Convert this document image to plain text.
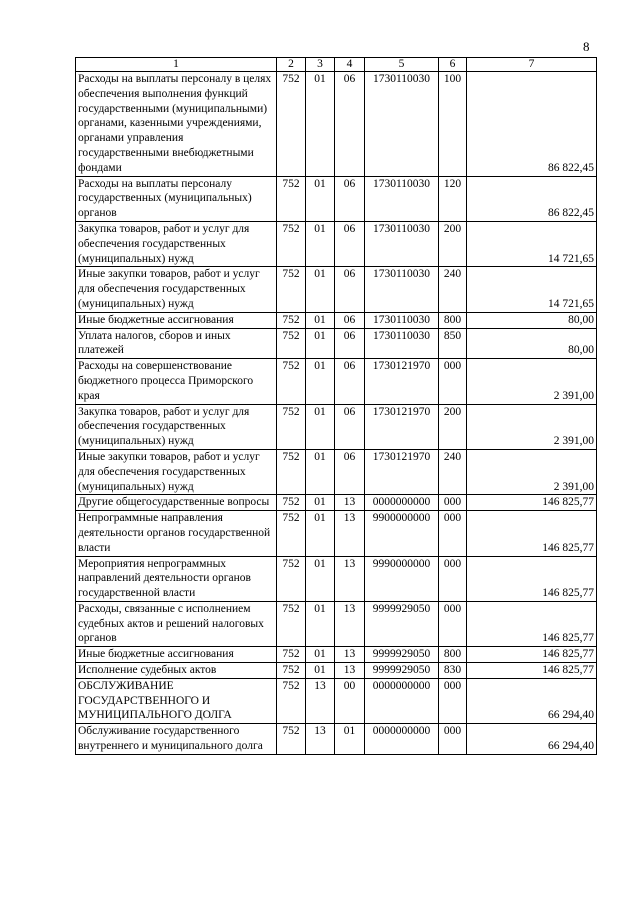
8
1	2	3	4	5	6	7
Расходы на выплаты персоналу в целях обеспечения выполнения функций государственными (муниципальными) органами, казенными учреждениями, органами управления государственными внебюджетными фондами	752	01	06	1730110030	100	86 822,45
Расходы на выплаты персоналу государственных (муниципальных) органов	752	01	06	1730110030	120	86 822,45
Закупка товаров, работ и услуг для обеспечения государственных (муниципальных) нужд	752	01	06	1730110030	200	14 721,65
Иные закупки товаров, работ и услуг для обеспечения государственных (муниципальных) нужд	752	01	06	1730110030	240	14 721,65
Иные бюджетные ассигнования	752	01	06	1730110030	800	80,00
Уплата налогов, сборов и иных платежей	752	01	06	1730110030	850	80,00
Расходы на совершенствование бюджетного процесса Приморского края	752	01	06	1730121970	000	2 391,00
Закупка товаров, работ и услуг для обеспечения государственных (муниципальных) нужд	752	01	06	1730121970	200	2 391,00
Иные закупки товаров, работ и услуг для обеспечения государственных (муниципальных) нужд	752	01	06	1730121970	240	2 391,00
Другие общегосударственные вопросы	752	01	13	0000000000	000	146 825,77
Непрограммные направления деятельности органов государственной власти	752	01	13	9900000000	000	146 825,77
Мероприятия непрограммных направлений деятельности органов государственной власти	752	01	13	9990000000	000	146 825,77
Расходы, связанные с исполнением судебных актов и решений налоговых органов	752	01	13	9999929050	000	146 825,77
Иные бюджетные ассигнования	752	01	13	9999929050	800	146 825,77
Исполнение судебных актов	752	01	13	9999929050	830	146 825,77
ОБСЛУЖИВАНИЕ ГОСУДАРСТВЕННОГО И МУНИЦИПАЛЬНОГО ДОЛГА	752	13	00	0000000000	000	66 294,40
Обслуживание государственного внутреннего и муниципального долга	752	13	01	0000000000	000	66 294,40
